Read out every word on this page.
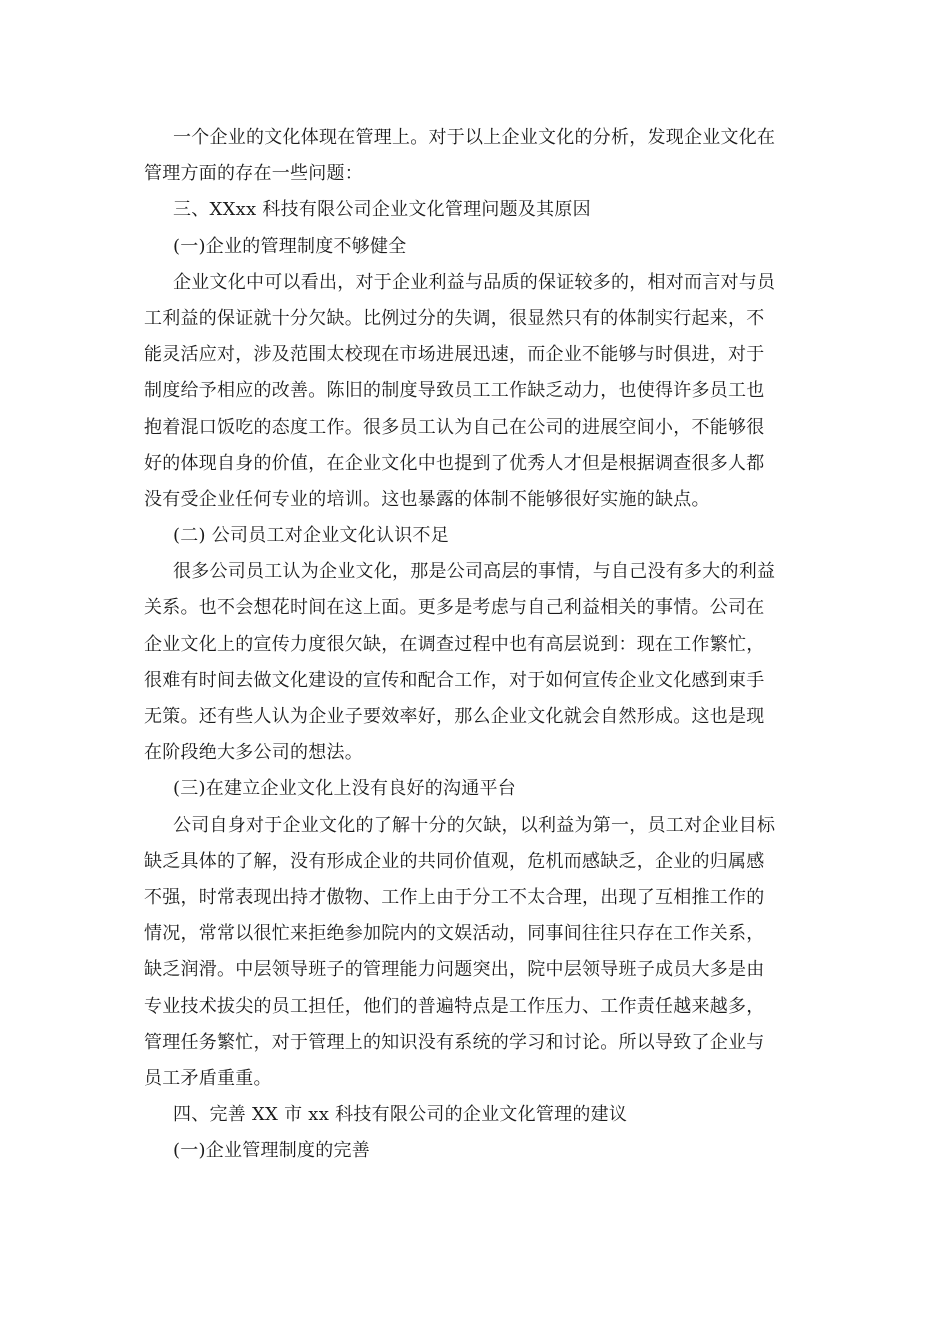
一个企业的文化体现在管理上。对于以上企业文化的分析，发现企业文化在
管理方面的存在一些问题：
三、XXxx 科技有限公司企业文化管理问题及其原因
(一)企业的管理制度不够健全
企业文化中可以看出，对于企业利益与品质的保证较多的，相对而言对与员
工利益的保证就十分欠缺。比例过分的失调，很显然只有的体制实行起来，不
能灵活应对，涉及范围太校现在市场进展迅速，而企业不能够与时俱进，对于
制度给予相应的改善。陈旧的制度导致员工工作缺乏动力，也使得许多员工也
抱着混口饭吃的态度工作。很多员工认为自己在公司的进展空间小，不能够很
好的体现自身的价值，在企业文化中也提到了优秀人才但是根据调查很多人都
没有受企业任何专业的培训。这也暴露的体制不能够很好实施的缺点。
(二) 公司员工对企业文化认识不足
很多公司员工认为企业文化，那是公司高层的事情，与自己没有多大的利益
关系。也不会想花时间在这上面。更多是考虑与自己利益相关的事情。公司在
企业文化上的宣传力度很欠缺，在调查过程中也有高层说到：现在工作繁忙，
很难有时间去做文化建设的宣传和配合工作，对于如何宣传企业文化感到束手
无策。还有些人认为企业子要效率好，那么企业文化就会自然形成。这也是现
在阶段绝大多公司的想法。
(三)在建立企业文化上没有良好的沟通平台
公司自身对于企业文化的了解十分的欠缺，以利益为第一，员工对企业目标
缺乏具体的了解，没有形成企业的共同价值观，危机而感缺乏，企业的归属感
不强，时常表现出持才傲物、工作上由于分工不太合理，出现了互相推工作的
情况，常常以很忙来拒绝参加院内的文娱活动，同事间往往只存在工作关系，
缺乏润滑。中层领导班子的管理能力问题突出，院中层领导班子成员大多是由
专业技术拔尖的员工担任，他们的普遍特点是工作压力、工作责任越来越多，
管理任务繁忙，对于管理上的知识没有系统的学习和讨论。所以导致了企业与
员工矛盾重重。
四、完善 XX 市 xx 科技有限公司的企业文化管理的建议
(一)企业管理制度的完善
